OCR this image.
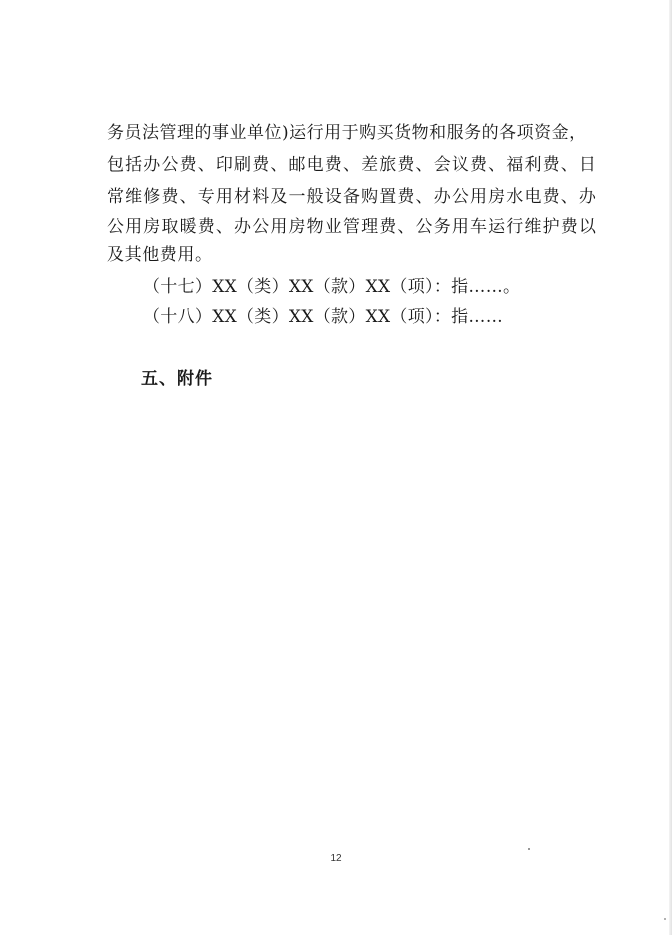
务员法管理的事业单位)运行用于购买货物和服务的各项资金，
包括办公费、印刷费、邮电费、差旅费、会议费、福利费、日
常维修费、专用材料及一般设备购置费、办公用房水电费、办
公用房取暖费、办公用房物业管理费、公务用车运行维护费以
及其他费用。
（十七）XX（类）XX（款）XX（项）：指……。
（十八）XX（类）XX（款）XX（项）：指……
五、附件
12
